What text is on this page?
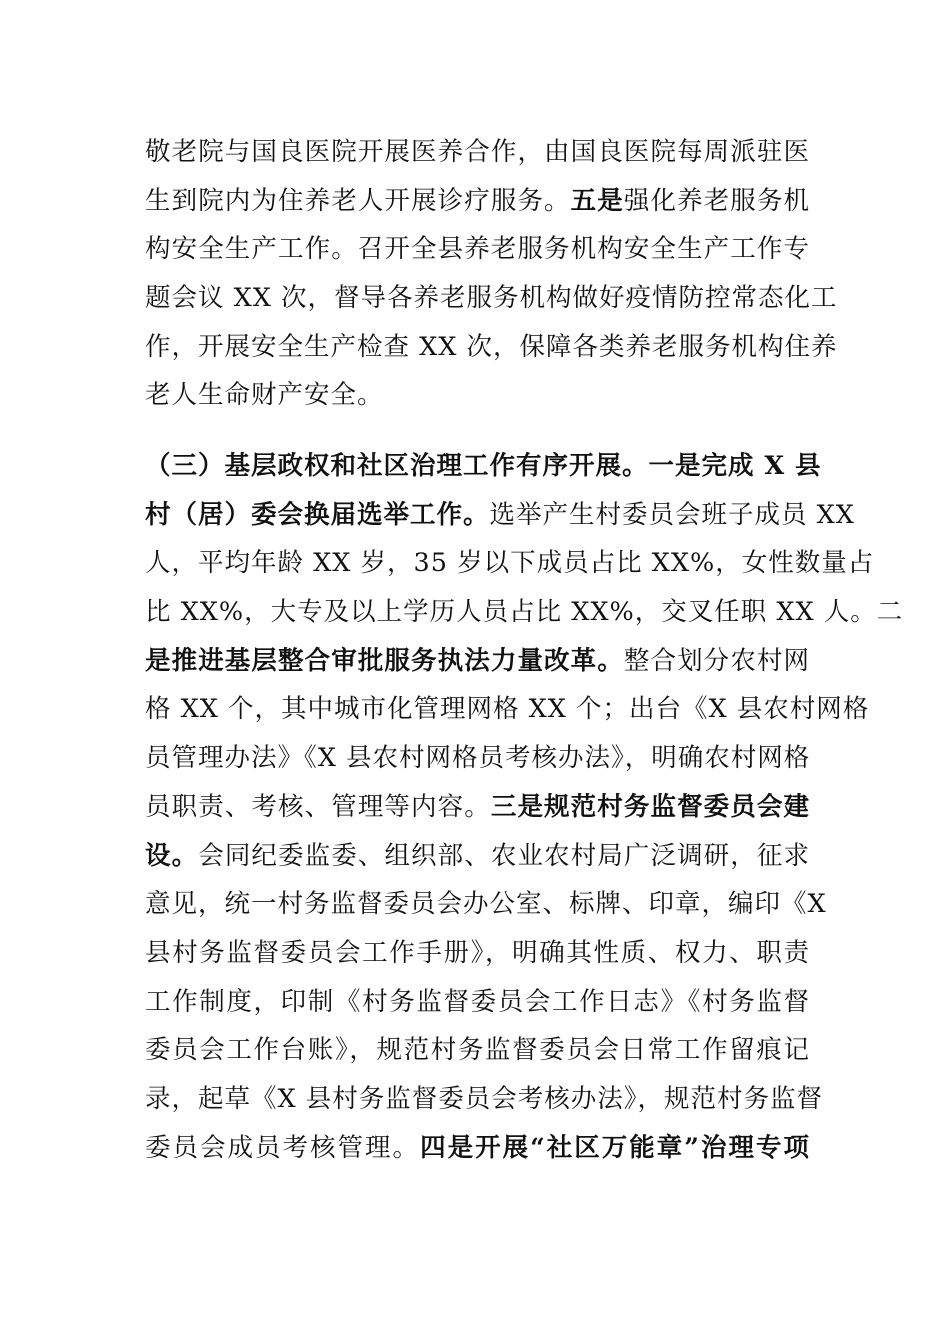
敬老院与国良医院开展医养合作，由国良医院每周派驻医
生到院内为住养老人开展诊疗服务。五是强化养老服务机
构安全生产工作。召开全县养老服务机构安全生产工作专
题会议 XX 次，督导各养老服务机构做好疫情防控常态化工
作，开展安全生产检查 XX 次，保障各类养老服务机构住养
老人生命财产安全。
（三）基层政权和社区治理工作有序开展。一是完成 X 县
村（居）委会换届选举工作。选举产生村委员会班子成员 XX
人，平均年龄 XX 岁，35 岁以下成员占比 XX%，女性数量占
比 XX%，大专及以上学历人员占比 XX%，交叉任职 XX 人。二
是推进基层整合审批服务执法力量改革。整合划分农村网
格 XX 个，其中城市化管理网格 XX 个；出台《X 县农村网格
员管理办法》《X 县农村网格员考核办法》，明确农村网格
员职责、考核、管理等内容。三是规范村务监督委员会建
设。会同纪委监委、组织部、农业农村局广泛调研，征求
意见，统一村务监督委员会办公室、标牌、印章，编印《X
县村务监督委员会工作手册》，明确其性质、权力、职责
工作制度，印制《村务监督委员会工作日志》《村务监督
委员会工作台账》，规范村务监督委员会日常工作留痕记
录，起草《X 县村务监督委员会考核办法》，规范村务监督
委员会成员考核管理。四是开展“社区万能章”治理专项
